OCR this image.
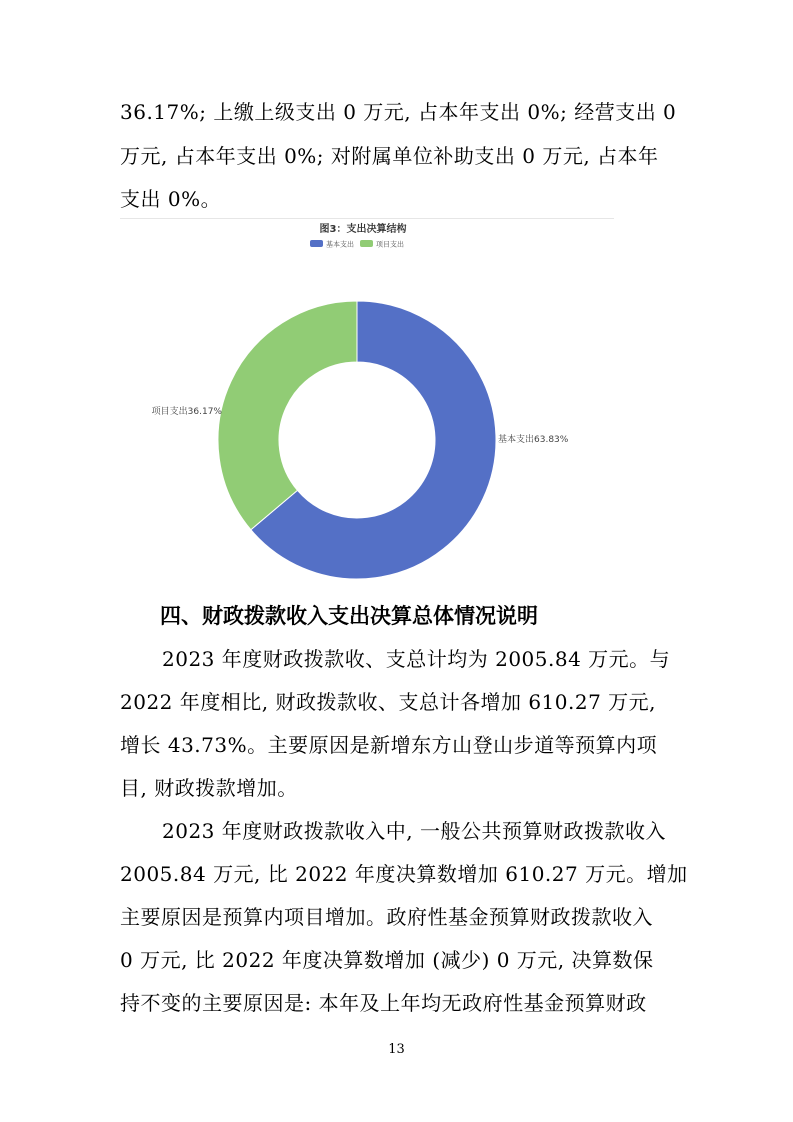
36.17%; 上缴上级支出 0 万元, 占本年支出 0%; 经营支出 0
万元, 占本年支出 0%; 对附属单位补助支出 0 万元, 占本年
支出 0%。
图3：支出决算结构
基本支出	项目支出
基本支出63.83%
项目支出36.17%
四、财政拨款收入支出决算总体情况说明
2023 年度财政拨款收、支总计均为 2005.84 万元。与
2022 年度相比, 财政拨款收、支总计各增加 610.27 万元,
增长 43.73%。主要原因是新增东方山登山步道等预算内项
目, 财政拨款增加。
2023 年度财政拨款收入中, 一般公共预算财政拨款收入
2005.84 万元, 比 2022 年度决算数增加 610.27 万元。增加
主要原因是预算内项目增加。政府性基金预算财政拨款收入
0 万元, 比 2022 年度决算数增加 (减少) 0 万元, 决算数保
持不变的主要原因是: 本年及上年均无政府性基金预算财政
13
